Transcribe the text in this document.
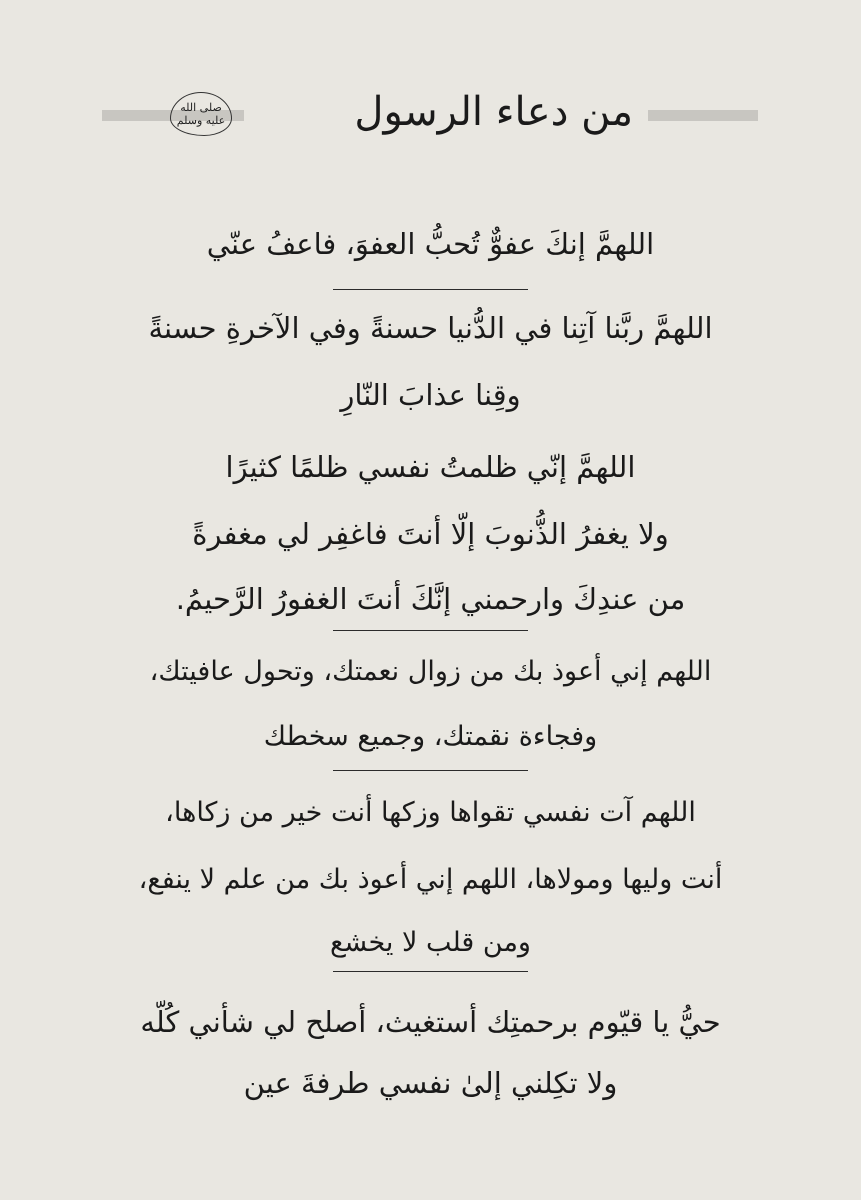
صلى الله عليه وسلم	من دعاء الرسول
اللهمَّ إنكَ عفوٌّ تُحبُّ العفوَ، فاعفُ عنّي
اللهمَّ ربَّنا آتِنا في الدُّنيا حسنةً وفي الآخرةِ حسنةً
وقِنا عذابَ النّارِ
اللهمَّ إنّي ظلمتُ نفسي ظلمًا كثيرًا
ولا يغفرُ الذُّنوبَ إلّا أنتَ فاغفِر لي مغفرةً
من عندِكَ وارحمني إنَّكَ أنتَ الغفورُ الرَّحيمُ.
اللهم إني أعوذ بك من زوال نعمتك، وتحول عافيتك،
وفجاءة نقمتك، وجميع سخطك
اللهم آت نفسي تقواها وزكها أنت خير من زكاها،
أنت وليها ومولاها، اللهم إني أعوذ بك من علم لا ينفع،
ومن قلب لا يخشع
حيُّ يا قيّوم برحمتِك أستغيث، أصلح لي شأني كُلّه
ولا تكِلني إلىٰ نفسي طرفةَ عين
